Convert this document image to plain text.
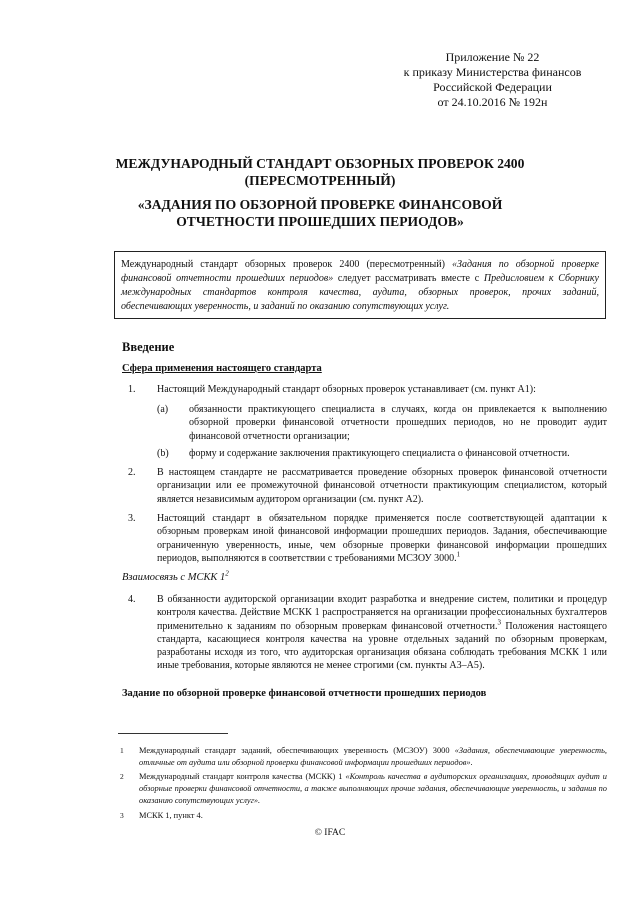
Приложение № 22
к приказу Министерства финансов
Российской Федерации
от 24.10.2016 № 192н
МЕЖДУНАРОДНЫЙ СТАНДАРТ ОБЗОРНЫХ ПРОВЕРОК 2400
(ПЕРЕСМОТРЕННЫЙ)
«ЗАДАНИЯ ПО ОБЗОРНОЙ ПРОВЕРКЕ ФИНАНСОВОЙ
ОТЧЕТНОСТИ ПРОШЕДШИХ ПЕРИОДОВ»
Международный стандарт обзорных проверок 2400 (пересмотренный) «Задания по обзорной проверке финансовой отчетности прошедших периодов» следует рассматривать вместе с Предисловием к Сборнику международных стандартов контроля качества, аудита, обзорных проверок, прочих заданий, обеспечивающих уверенность, и заданий по оказанию сопутствующих услуг.
Введение
Сфера применения настоящего стандарта
1. Настоящий Международный стандарт обзорных проверок устанавливает (см. пункт А1):
(a) обязанности практикующего специалиста в случаях, когда он привлекается к выполнению обзорной проверки финансовой отчетности прошедших периодов, но не проводит аудит финансовой отчетности организации;
(b) форму и содержание заключения практикующего специалиста о финансовой отчетности.
2. В настоящем стандарте не рассматривается проведение обзорных проверок финансовой отчетности организации или ее промежуточной финансовой отчетности практикующим специалистом, который является независимым аудитором организации (см. пункт А2).
3. Настоящий стандарт в обязательном порядке применяется после соответствующей адаптации к обзорным проверкам иной финансовой информации прошедших периодов. Задания, обеспечивающие ограниченную уверенность, иные, чем обзорные проверки финансовой информации прошедших периодов, выполняются в соответствии с требованиями МСЗОУ 3000.$^1$
Взаимосвязь с МСКК $1^2$
4. В обязанности аудиторской организации входит разработка и внедрение систем, политики и процедур контроля качества. Действие МСКК 1 распространяется на организации профессиональных бухгалтеров применительно к заданиям по обзорным проверкам финансовой отчетности.$^3$ Положения настоящего стандарта, касающиеся контроля качества на уровне отдельных заданий по обзорным проверкам, разработаны исходя из того, что аудиторская организация обязана соблюдать требования МСКК 1 или иные требования, которые являются не менее строгими (см. пункты А3–А5).
Задание по обзорной проверке финансовой отчетности прошедших периодов
1 Международный стандарт заданий, обеспечивающих уверенность (МСЗОУ) 3000 «Задания, обеспечивающие уверенность, отличные от аудита или обзорной проверки финансовой информации прошедших периодов».
2 Международный стандарт контроля качества (МСКК) 1 «Контроль качества в аудиторских организациях, проводящих аудит и обзорные проверки финансовой отчетности, а также выполняющих прочие задания, обеспечивающие уверенность, и задания по оказанию сопутствующих услуг».
3 МСКК 1, пункт 4.
© IFAC
